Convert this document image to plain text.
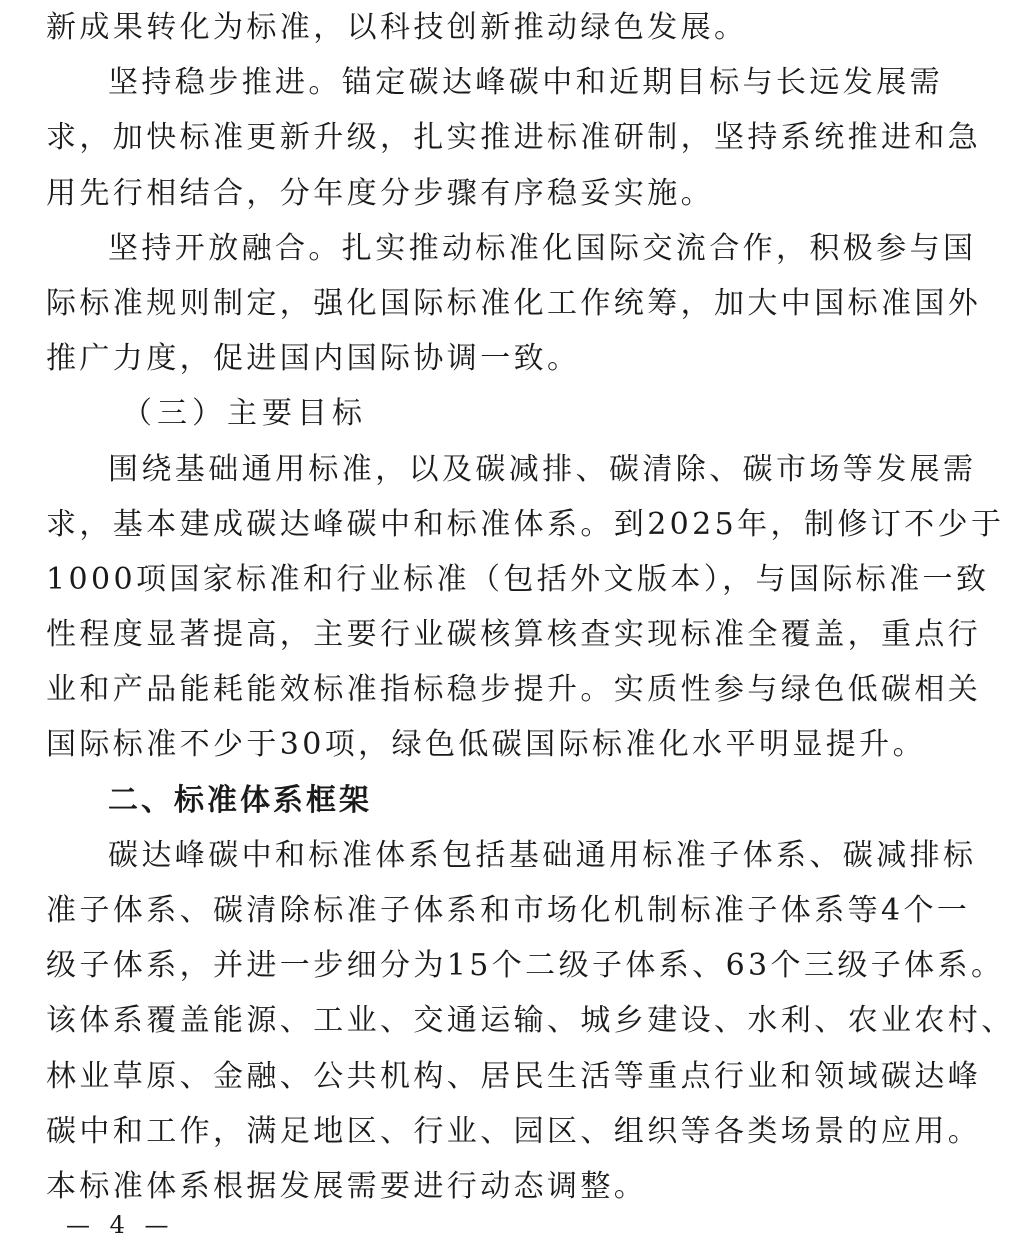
新成果转化为标准，以科技创新推动绿色发展。
坚持稳步推进。锚定碳达峰碳中和近期目标与长远发展需
求，加快标准更新升级，扎实推进标准研制，坚持系统推进和急
用先行相结合，分年度分步骤有序稳妥实施。
坚持开放融合。扎实推动标准化国际交流合作，积极参与国
际标准规则制定，强化国际标准化工作统筹，加大中国标准国外
推广力度，促进国内国际协调一致。
（三）主要目标
围绕基础通用标准，以及碳减排、碳清除、碳市场等发展需
求，基本建成碳达峰碳中和标准体系。到2025年，制修订不少于
1000项国家标准和行业标准（包括外文版本），与国际标准一致
性程度显著提高，主要行业碳核算核查实现标准全覆盖，重点行
业和产品能耗能效标准指标稳步提升。实质性参与绿色低碳相关
国际标准不少于30项，绿色低碳国际标准化水平明显提升。
二、标准体系框架
碳达峰碳中和标准体系包括基础通用标准子体系、碳减排标
准子体系、碳清除标准子体系和市场化机制标准子体系等4个一
级子体系，并进一步细分为15个二级子体系、63个三级子体系。
该体系覆盖能源、工业、交通运输、城乡建设、水利、农业农村、
林业草原、金融、公共机构、居民生活等重点行业和领域碳达峰
碳中和工作，满足地区、行业、园区、组织等各类场景的应用。
本标准体系根据发展需要进行动态调整。
— 4 —
